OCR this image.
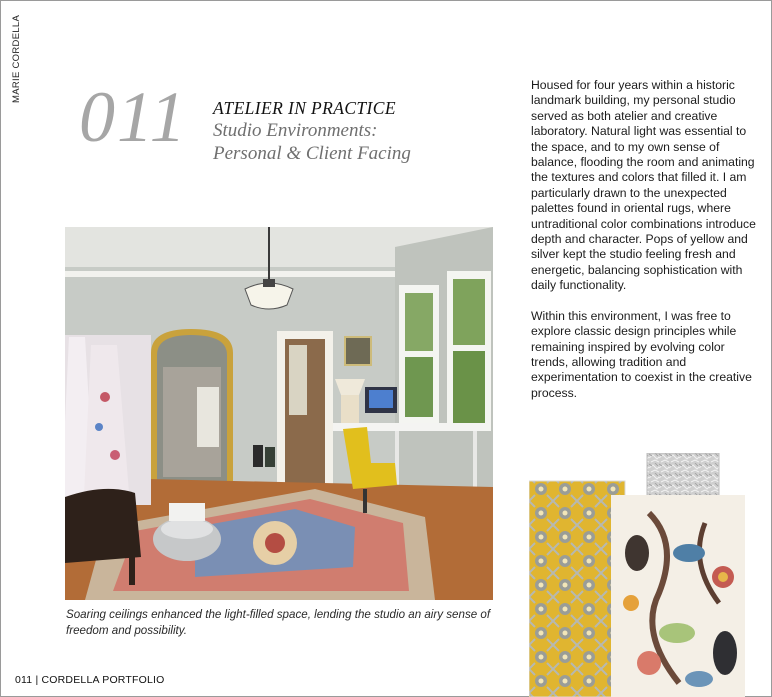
MARIE CORDELLA
011 ATELIER IN PRACTICE
Studio Environments:
Personal & Client Facing

Housed for four years within a historic landmark building, my personal studio served as both atelier and creative laboratory. Natural light was essential to the space, and to my own sense of balance, flooding the room and animating the textures and colors that filled it. I am particularly drawn to the unexpected palettes found in oriental rugs, where untraditional color combinations introduce depth and character. Pops of yellow and silver kept the studio feeling fresh and energetic, balancing sophistication with daily functionality.

Within this environment, I was free to explore classic design principles while remaining inspired by evolving color trends, allowing tradition and experimentation to coexist in the creative process.

Soaring ceilings enhanced the light-filled space, lending the studio an airy sense of freedom and possibility.
011 | CORDELLA PORTFOLIO
